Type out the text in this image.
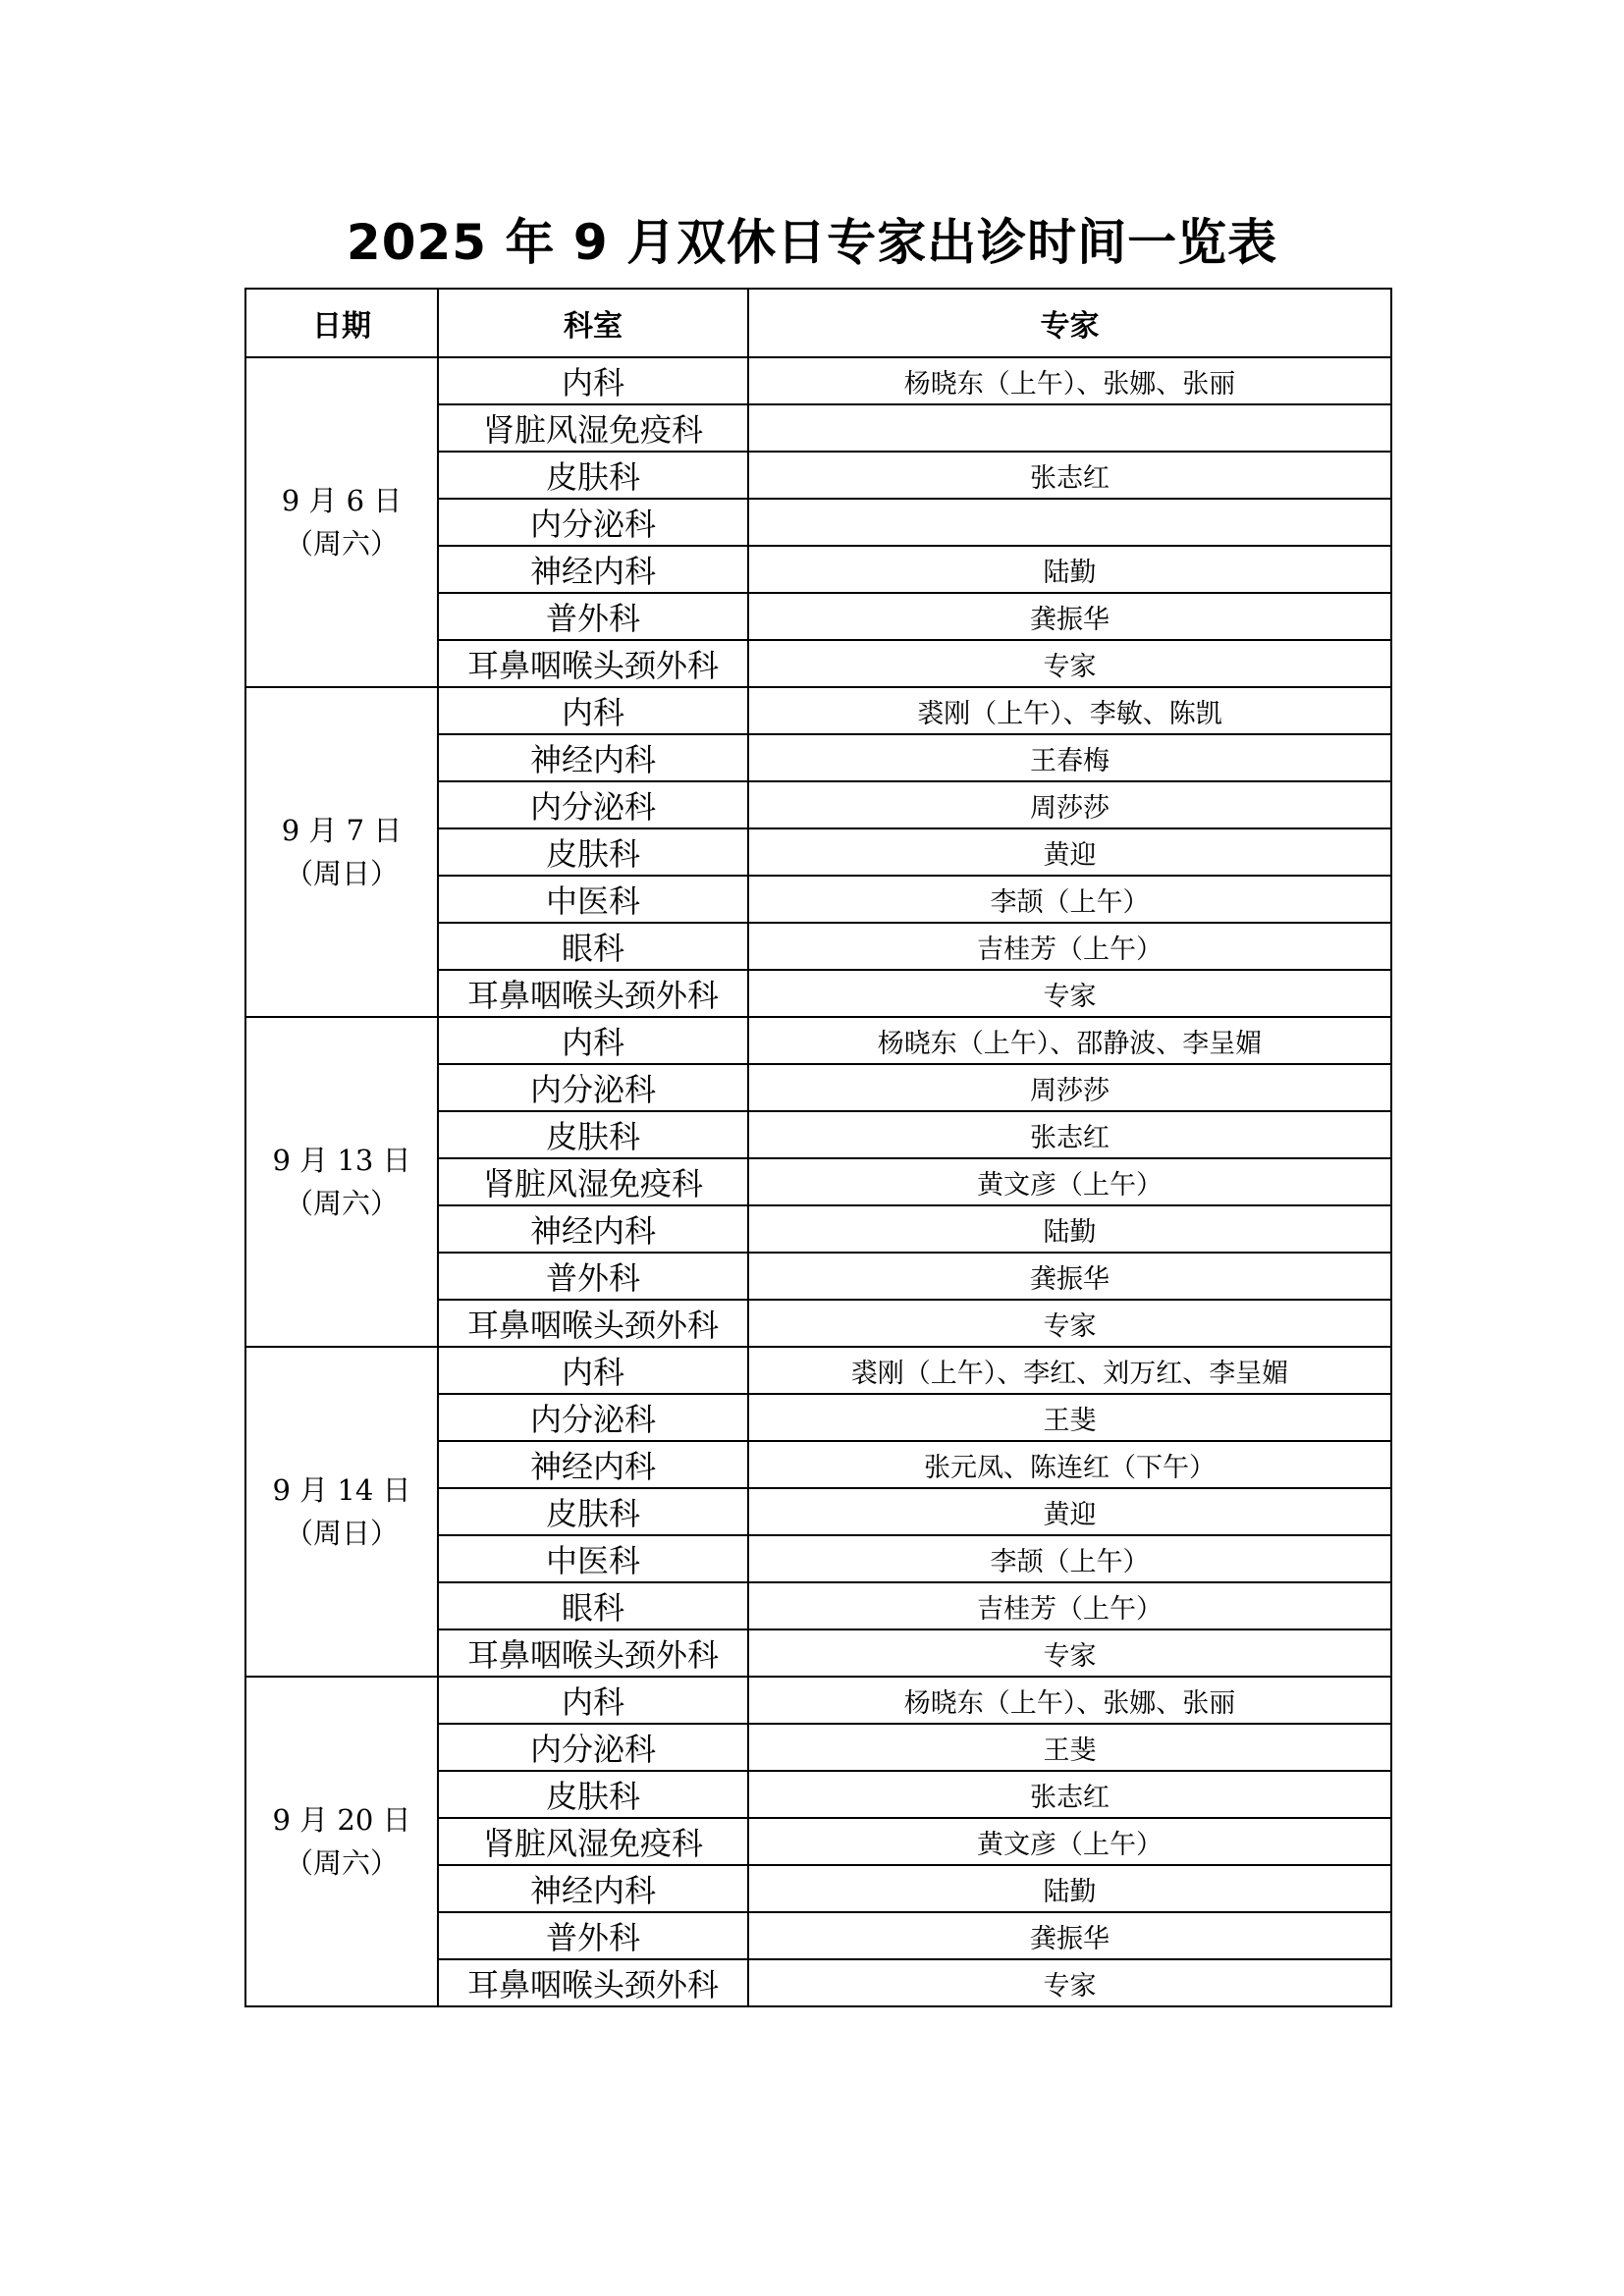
2025 年 9 月双休日专家出诊时间一览表
日期	科室	专家

9 月 6 日
（周六）	内科	杨晓东（上午）、张娜、张丽
	肾脏风湿免疫科	
	皮肤科	张志红
	内分泌科	
	神经内科	陆勤
	普外科	龚振华
	耳鼻咽喉头颈外科	专家

9 月 7 日
（周日）	内科	裘刚（上午）、李敏、陈凯
	神经内科	王春梅
	内分泌科	周莎莎
	皮肤科	黄迎
	中医科	李颉（上午）
	眼科	吉桂芳（上午）
	耳鼻咽喉头颈外科	专家

9 月 13 日
（周六）	内科	杨晓东（上午）、邵静波、李呈媚
	内分泌科	周莎莎
	皮肤科	张志红
	肾脏风湿免疫科	黄文彦（上午）
	神经内科	陆勤
	普外科	龚振华
	耳鼻咽喉头颈外科	专家

9 月 14 日
（周日）	内科	裘刚（上午）、李红、刘万红、李呈媚
	内分泌科	王斐
	神经内科	张元凤、陈连红（下午）
	皮肤科	黄迎
	中医科	李颉（上午）
	眼科	吉桂芳（上午）
	耳鼻咽喉头颈外科	专家

9 月 20 日
（周六）	内科	杨晓东（上午）、张娜、张丽
	内分泌科	王斐
	皮肤科	张志红
	肾脏风湿免疫科	黄文彦（上午）
	神经内科	陆勤
	普外科	龚振华
	耳鼻咽喉头颈外科	专家
